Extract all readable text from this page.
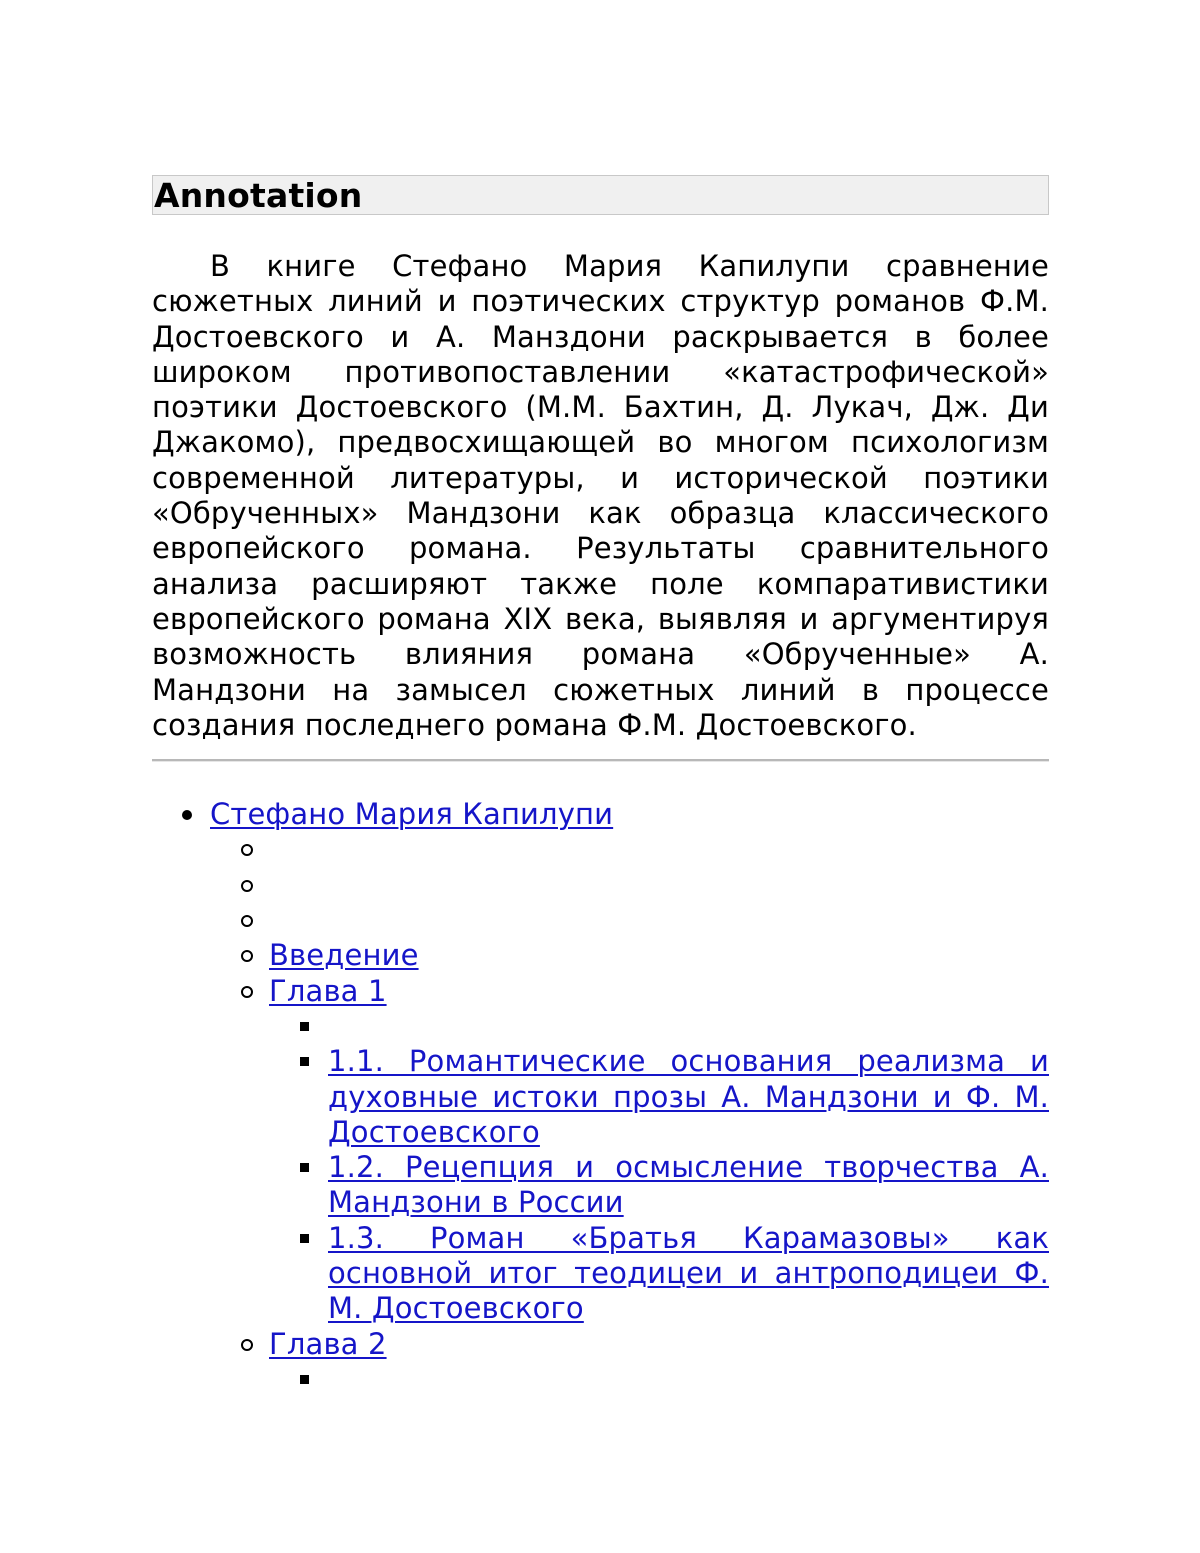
Annotation

В книге Стефано Мария Капилупи сравнение сюжетных линий и поэтических структур романов Ф.М. Достоевского и А. Манздони раскрывается в более широком противопоставлении «катастрофической» поэтики Достоевского (М.М. Бахтин, Д. Лукач, Дж. Ди Джакомо), предвосхищающей во многом психологизм современной литературы, и исторической поэтики «Обрученных» Мандзони как образца классического европейского романа. Результаты сравнительного анализа расширяют также поле компаративистики европейского романа XIX века, выявляя и аргументируя возможность влияния романа «Обрученные» А. Мандзони на замысел сюжетных линий в процессе создания последнего романа Ф.М. Достоевского.

Стефано Мария Капилупи
Введение
Глава 1
1.1. Романтические основания реализма и духовные истоки прозы А. Мандзони и Ф. М. Достоевского
1.2. Рецепция и осмысление творчества А. Мандзони в России
1.3. Роман «Братья Карамазовы» как основной итог теодицеи и антроподицеи Ф. М. Достоевского
Глава 2
